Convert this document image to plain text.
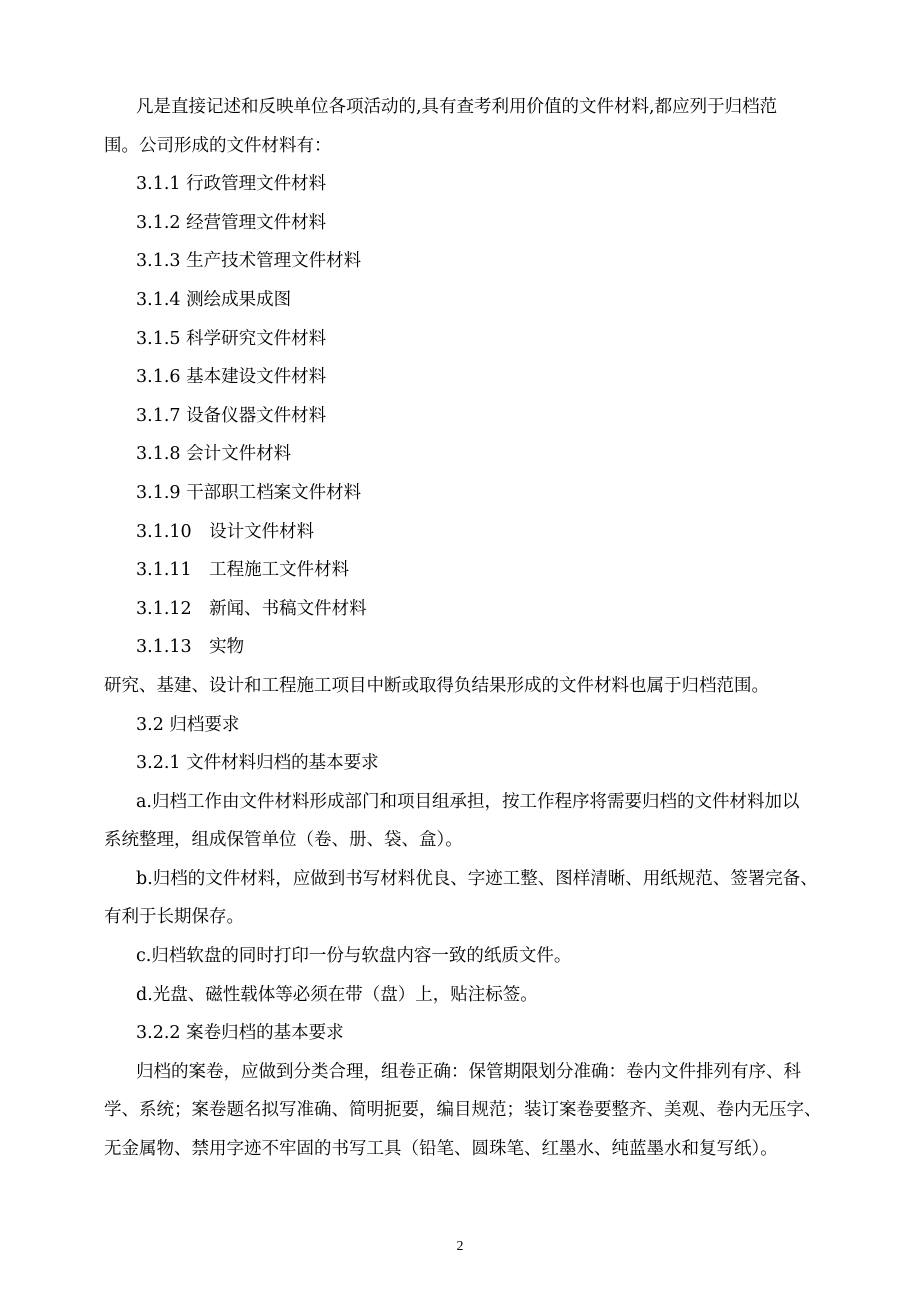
凡是直接记述和反映单位各项活动的,具有查考利用价值的文件材料,都应列于归档范

围。公司形成的文件材料有：

3.1.1 行政管理文件材料

3.1.2 经营管理文件材料

3.1.3 生产技术管理文件材料

3.1.4 测绘成果成图

3.1.5 科学研究文件材料

3.1.6 基本建设文件材料

3.1.7 设备仪器文件材料

3.1.8 会计文件材料

3.1.9 干部职工档案文件材料

3.1.10　设计文件材料

3.1.11　工程施工文件材料

3.1.12　新闻、书稿文件材料

3.1.13　实物

研究、基建、设计和工程施工项目中断或取得负结果形成的文件材料也属于归档范围。

3.2 归档要求

3.2.1 文件材料归档的基本要求

a.归档工作由文件材料形成部门和项目组承担，按工作程序将需要归档的文件材料加以

系统整理，组成保管单位（卷、册、袋、盒）。

b.归档的文件材料，应做到书写材料优良、字迹工整、图样清晰、用纸规范、签署完备、

有利于长期保存。

c.归档软盘的同时打印一份与软盘内容一致的纸质文件。

d.光盘、磁性载体等必须在带（盘）上，贴注标签。

3.2.2 案卷归档的基本要求

归档的案卷，应做到分类合理，组卷正确：保管期限划分准确：卷内文件排列有序、科

学、系统；案卷题名拟写准确、简明扼要，编目规范；装订案卷要整齐、美观、卷内无压字、

无金属物、禁用字迹不牢固的书写工具（铅笔、圆珠笔、红墨水、纯蓝墨水和复写纸）。

2
